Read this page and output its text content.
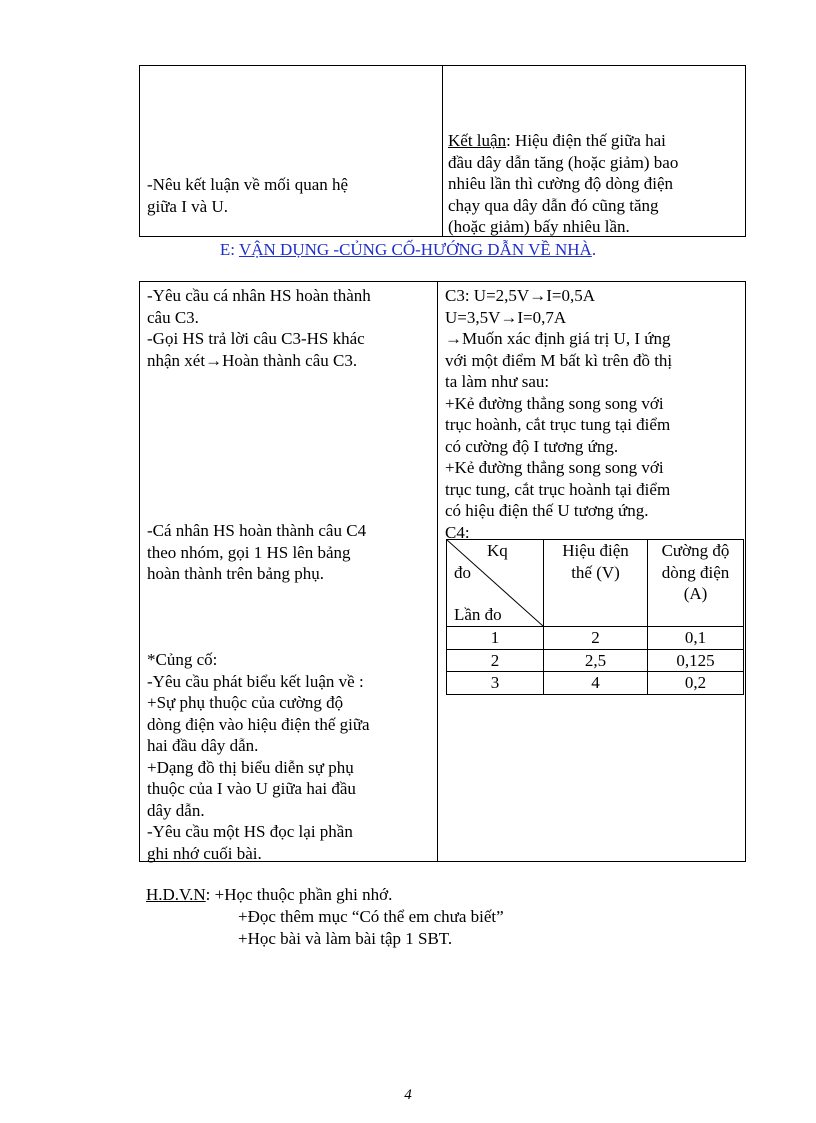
-Nêu kết luận về mối quan hệ
giữa I và U.
Kết luận: Hiệu điện thế giữa hai
đầu dây dẫn tăng (hoặc giảm) bao
nhiêu lần thì cường độ dòng điện
chạy qua dây dẫn đó cũng tăng
(hoặc giảm) bấy nhiêu lần.
E: VẬN DỤNG -CỦNG CỐ-HƯỚNG DẪN VỀ NHÀ.
-Yêu cầu cá nhân HS hoàn thành
câu C3.
-Gọi HS trả lời câu C3-HS khác
nhận xét→Hoàn thành câu C3.
-Cá nhân HS hoàn thành câu C4
theo nhóm, gọi 1 HS lên bảng
hoàn thành trên bảng phụ.
*Củng cố:
-Yêu cầu phát biểu kết luận về :
+Sự phụ thuộc của cường độ
dòng điện vào hiệu điện thế giữa
hai đầu dây dẫn.
+Dạng đồ thị biểu diễn sự phụ
thuộc của I vào U giữa hai đầu
dây dẫn.
-Yêu cầu một HS đọc lại phần
ghi nhớ cuối bài.
C3: U=2,5V→I=0,5A
U=3,5V→I=0,7A
→Muốn xác định giá trị U, I ứng
với một điểm M bất kì trên đồ thị
ta làm như sau:
+Kẻ đường thẳng song song với
trục hoành, cắt trục tung tại điểm
có cường độ I tương ứng.
+Kẻ đường thẳng song song với
trục tung, cắt trục hoành tại điểm
có hiệu điện thế U tương ứng.
C4:
Kq
đo
Lần đo	Hiệu điện
thế (V)	Cường độ
dòng điện
(A)

1	2	0,1
2	2,5	0,125
3	4	0,2
H.D.V.N: +Học thuộc phần ghi nhớ.
+Đọc thêm mục “Có thể em chưa biết”
+Học bài và làm bài tập 1 SBT.
4
